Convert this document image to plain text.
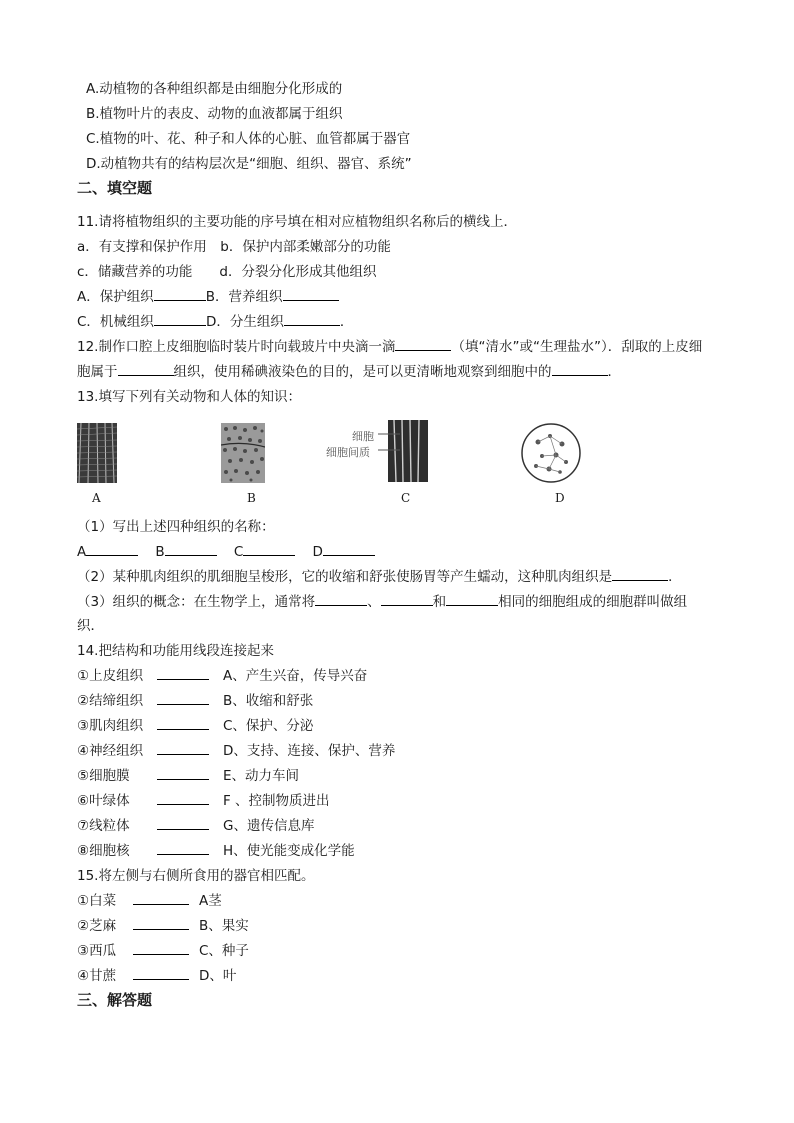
A.动植物的各种组织都是由细胞分化形成的
B.植物叶片的表皮、动物的血液都属于组织
C.植物的叶、花、种子和人体的心脏、血管都属于器官
D.动植物共有的结构层次是“细胞、组织、器官、系统”
二、填空题
11.请将植物组织的主要功能的序号填在相对应植物组织名称后的横线上．
a．有支撑和保护作用　b．保护内部柔嫩部分的功能
c．储藏营养的功能　　d．分裂分化形成其他组织
A．保护组织	B．营养组织
C．机械组织	D．分生组织	．
12.制作口腔上皮细胞临时装片时向载玻片中央滴一滴	（填“清水”或“生理盐水”）．刮取的上皮细
胞属于	组织，使用稀碘液染色的目的，是可以更清晰地观察到细胞中的	．
13.填写下列有关动物和人体的知识：
A	B
细胞
细胞间质
C	D
（1）写出上述四种组织的名称：
A	B	C	D
（2）某种肌肉组织的肌细胞呈梭形，它的收缩和舒张使肠胃等产生蠕动，这种肌肉组织是	．
（3）组织的概念：在生物学上，通常将	、	和	相同的细胞组成的细胞群叫做组
织．
14.把结构和功能用线段连接起来
①上皮组织	A、产生兴奋，传导兴奋
②结缔组织	B、收缩和舒张
③肌肉组织	C、保护、分泌
④神经组织	D、支持、连接、保护、营养
⑤细胞膜	E、动力车间
⑥叶绿体	F 、控制物质进出
⑦线粒体	G、遗传信息库
⑧细胞核	H、使光能变成化学能
15.将左侧与右侧所食用的器官相匹配。
①白菜	A茎
②芝麻	B、果实
③西瓜	C、种子
④甘蔗	D、叶
三、解答题
